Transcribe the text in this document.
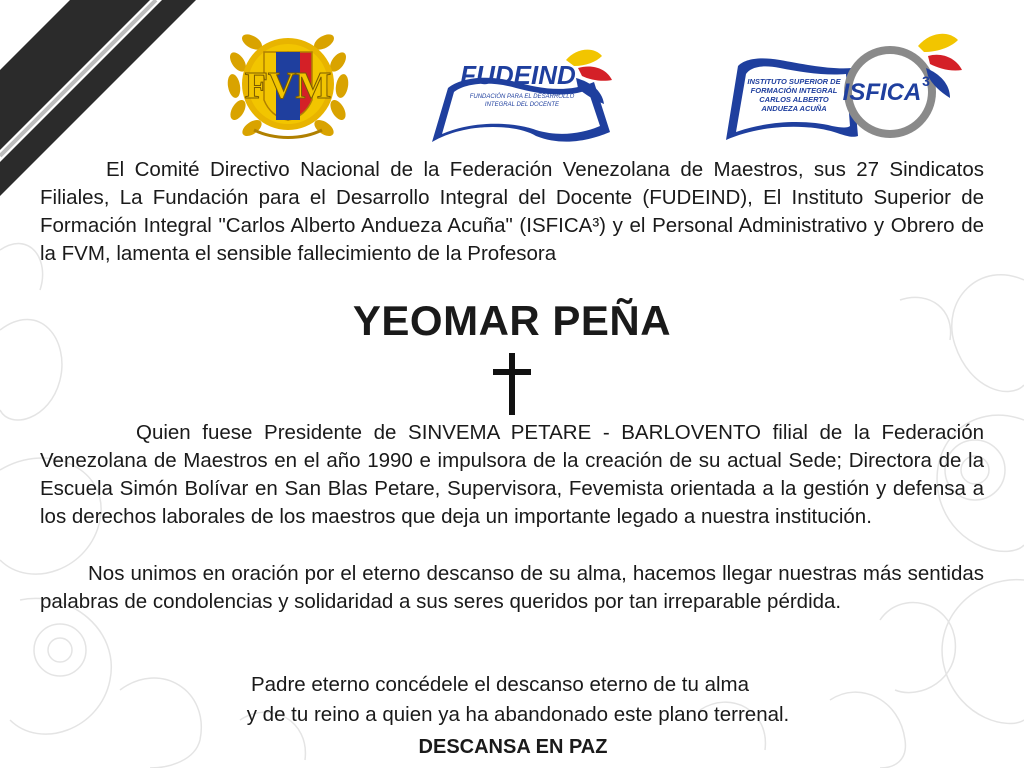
FVM	FUDEIND
FUNDACIÓN PARA EL DESARROLLO
INTEGRAL DEL DOCENTE
INSTITUTO SUPERIOR DE
FORMACIÓN INTEGRAL
CARLOS ALBERTO
ANDUEZA ACUÑA
ISFICA 3

El Comité Directivo Nacional de la Federación Venezolana de Maestros, sus 27 Sindicatos Filiales, La Fundación para el Desarrollo Integral del Docente (FUDEIND), El Instituto Superior de Formación Integral "Carlos Alberto Andueza Acuña" (ISFICA³) y el Personal Administrativo y Obrero de la FVM, lamenta el sensible fallecimiento de la Profesora

YEOMAR PEÑA

Quien fuese Presidente de SINVEMA PETARE - BARLOVENTO filial de la Federación Venezolana de Maestros en el año 1990 e impulsora de la creación de su actual Sede; Directora de la Escuela Simón Bolívar en San Blas Petare, Supervisora, Fevemista orientada a la gestión y defensa a los derechos laborales de los maestros que deja un importante legado a nuestra institución.

Nos unimos en oración por el eterno descanso de su alma, hacemos llegar nuestras más sentidas palabras de condolencias y solidaridad a sus seres queridos por tan irreparable pérdida.

Padre eterno concédele el descanso eterno de tu alma

y de tu reino a quien ya ha abandonado este plano terrenal.

DESCANSA EN PAZ
